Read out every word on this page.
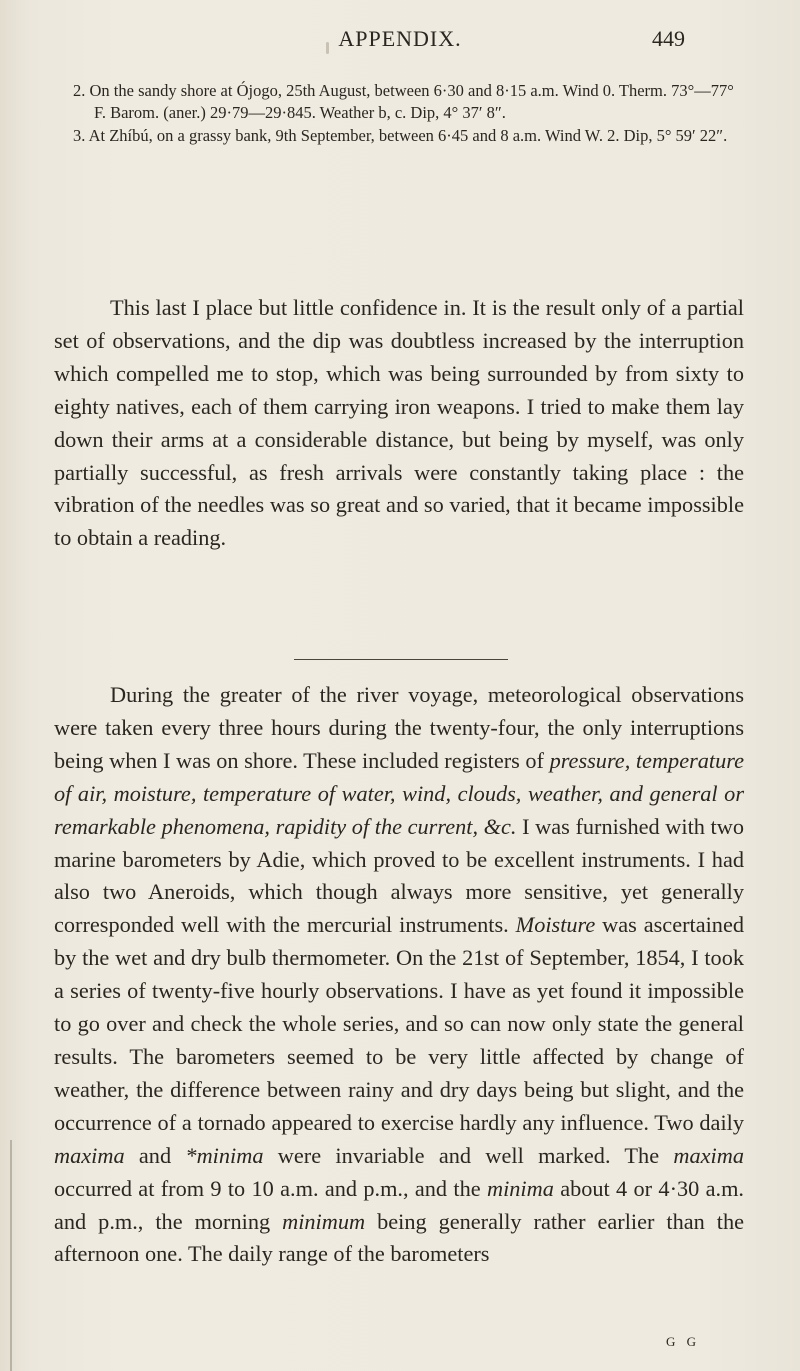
APPENDIX.	449

2. On the sandy shore at Ójogo, 25th August, between 6·30 and 8·15 a.m. Wind 0. Therm. 73°—77° F. Barom. (aner.) 29·79—29·845. Weather b, c. Dip, 4° 37′ 8″.

3. At Zhíbú, on a grassy bank, 9th September, between 6·45 and 8 a.m. Wind W. 2. Dip, 5° 59′ 22″.

This last I place but little confidence in. It is the result only of a partial set of observations, and the dip was doubtless increased by the interruption which compelled me to stop, which was being surrounded by from sixty to eighty natives, each of them carrying iron weapons. I tried to make them lay down their arms at a considerable distance, but being by myself, was only partially successful, as fresh arrivals were constantly taking place : the vibration of the needles was so great and so varied, that it became impossible to obtain a reading.

During the greater of the river voyage, meteorological observations were taken every three hours during the twenty-four, the only interruptions being when I was on shore. These included registers of pressure, temperature of air, moisture, temperature of water, wind, clouds, weather, and general or remarkable phenomena, rapidity of the current, &c. I was furnished with two marine barometers by Adie, which proved to be excellent instruments. I had also two Aneroids, which though always more sensitive, yet generally corresponded well with the mercurial instruments. Moisture was ascertained by the wet and dry bulb thermometer. On the 21st of September, 1854, I took a series of twenty-five hourly observations. I have as yet found it impossible to go over and check the whole series, and so can now only state the general results. The barometers seemed to be very little affected by change of weather, the difference between rainy and dry days being but slight, and the occurrence of a tornado appeared to exercise hardly any influence. Two daily maxima and *minima were invariable and well marked. The maxima occurred at from 9 to 10 a.m. and p.m., and the minima about 4 or 4·30 a.m. and p.m., the morning minimum being generally rather earlier than the afternoon one. The daily range of the barometers

G G
